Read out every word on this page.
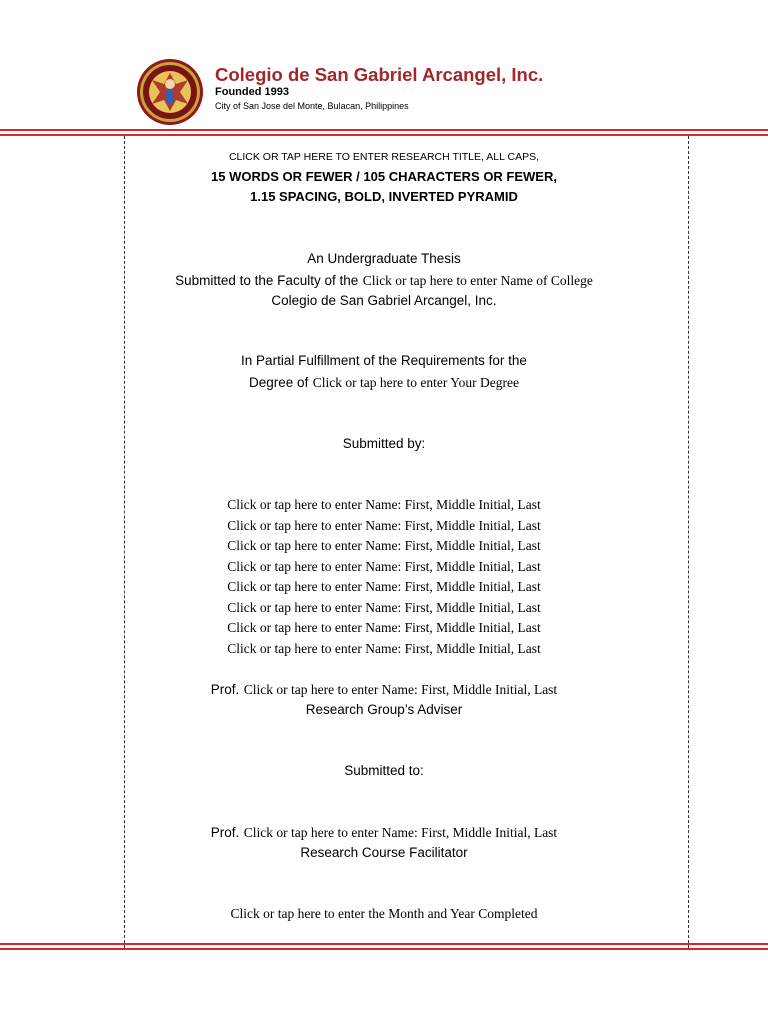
Colegio de San Gabriel Arcangel, Inc.
Founded 1993
City of San Jose del Monte, Bulacan, Philippines
CLICK OR TAP HERE TO ENTER RESEARCH TITLE, ALL CAPS,
15 WORDS OR FEWER / 105 CHARACTERS OR FEWER,
1.15 SPACING, BOLD, INVERTED PYRAMID
An Undergraduate Thesis
Submitted to the Faculty of the Click or tap here to enter Name of College
Colegio de San Gabriel Arcangel, Inc.
In Partial Fulfillment of the Requirements for the
Degree of Click or tap here to enter Your Degree
Submitted by:
Click or tap here to enter Name: First, Middle Initial, Last
Click or tap here to enter Name: First, Middle Initial, Last
Click or tap here to enter Name: First, Middle Initial, Last
Click or tap here to enter Name: First, Middle Initial, Last
Click or tap here to enter Name: First, Middle Initial, Last
Click or tap here to enter Name: First, Middle Initial, Last
Click or tap here to enter Name: First, Middle Initial, Last
Click or tap here to enter Name: First, Middle Initial, Last
Prof. Click or tap here to enter Name: First, Middle Initial, Last
Research Group’s Adviser
Submitted to:
Prof. Click or tap here to enter Name: First, Middle Initial, Last
Research Course Facilitator
Click or tap here to enter the Month and Year Completed
